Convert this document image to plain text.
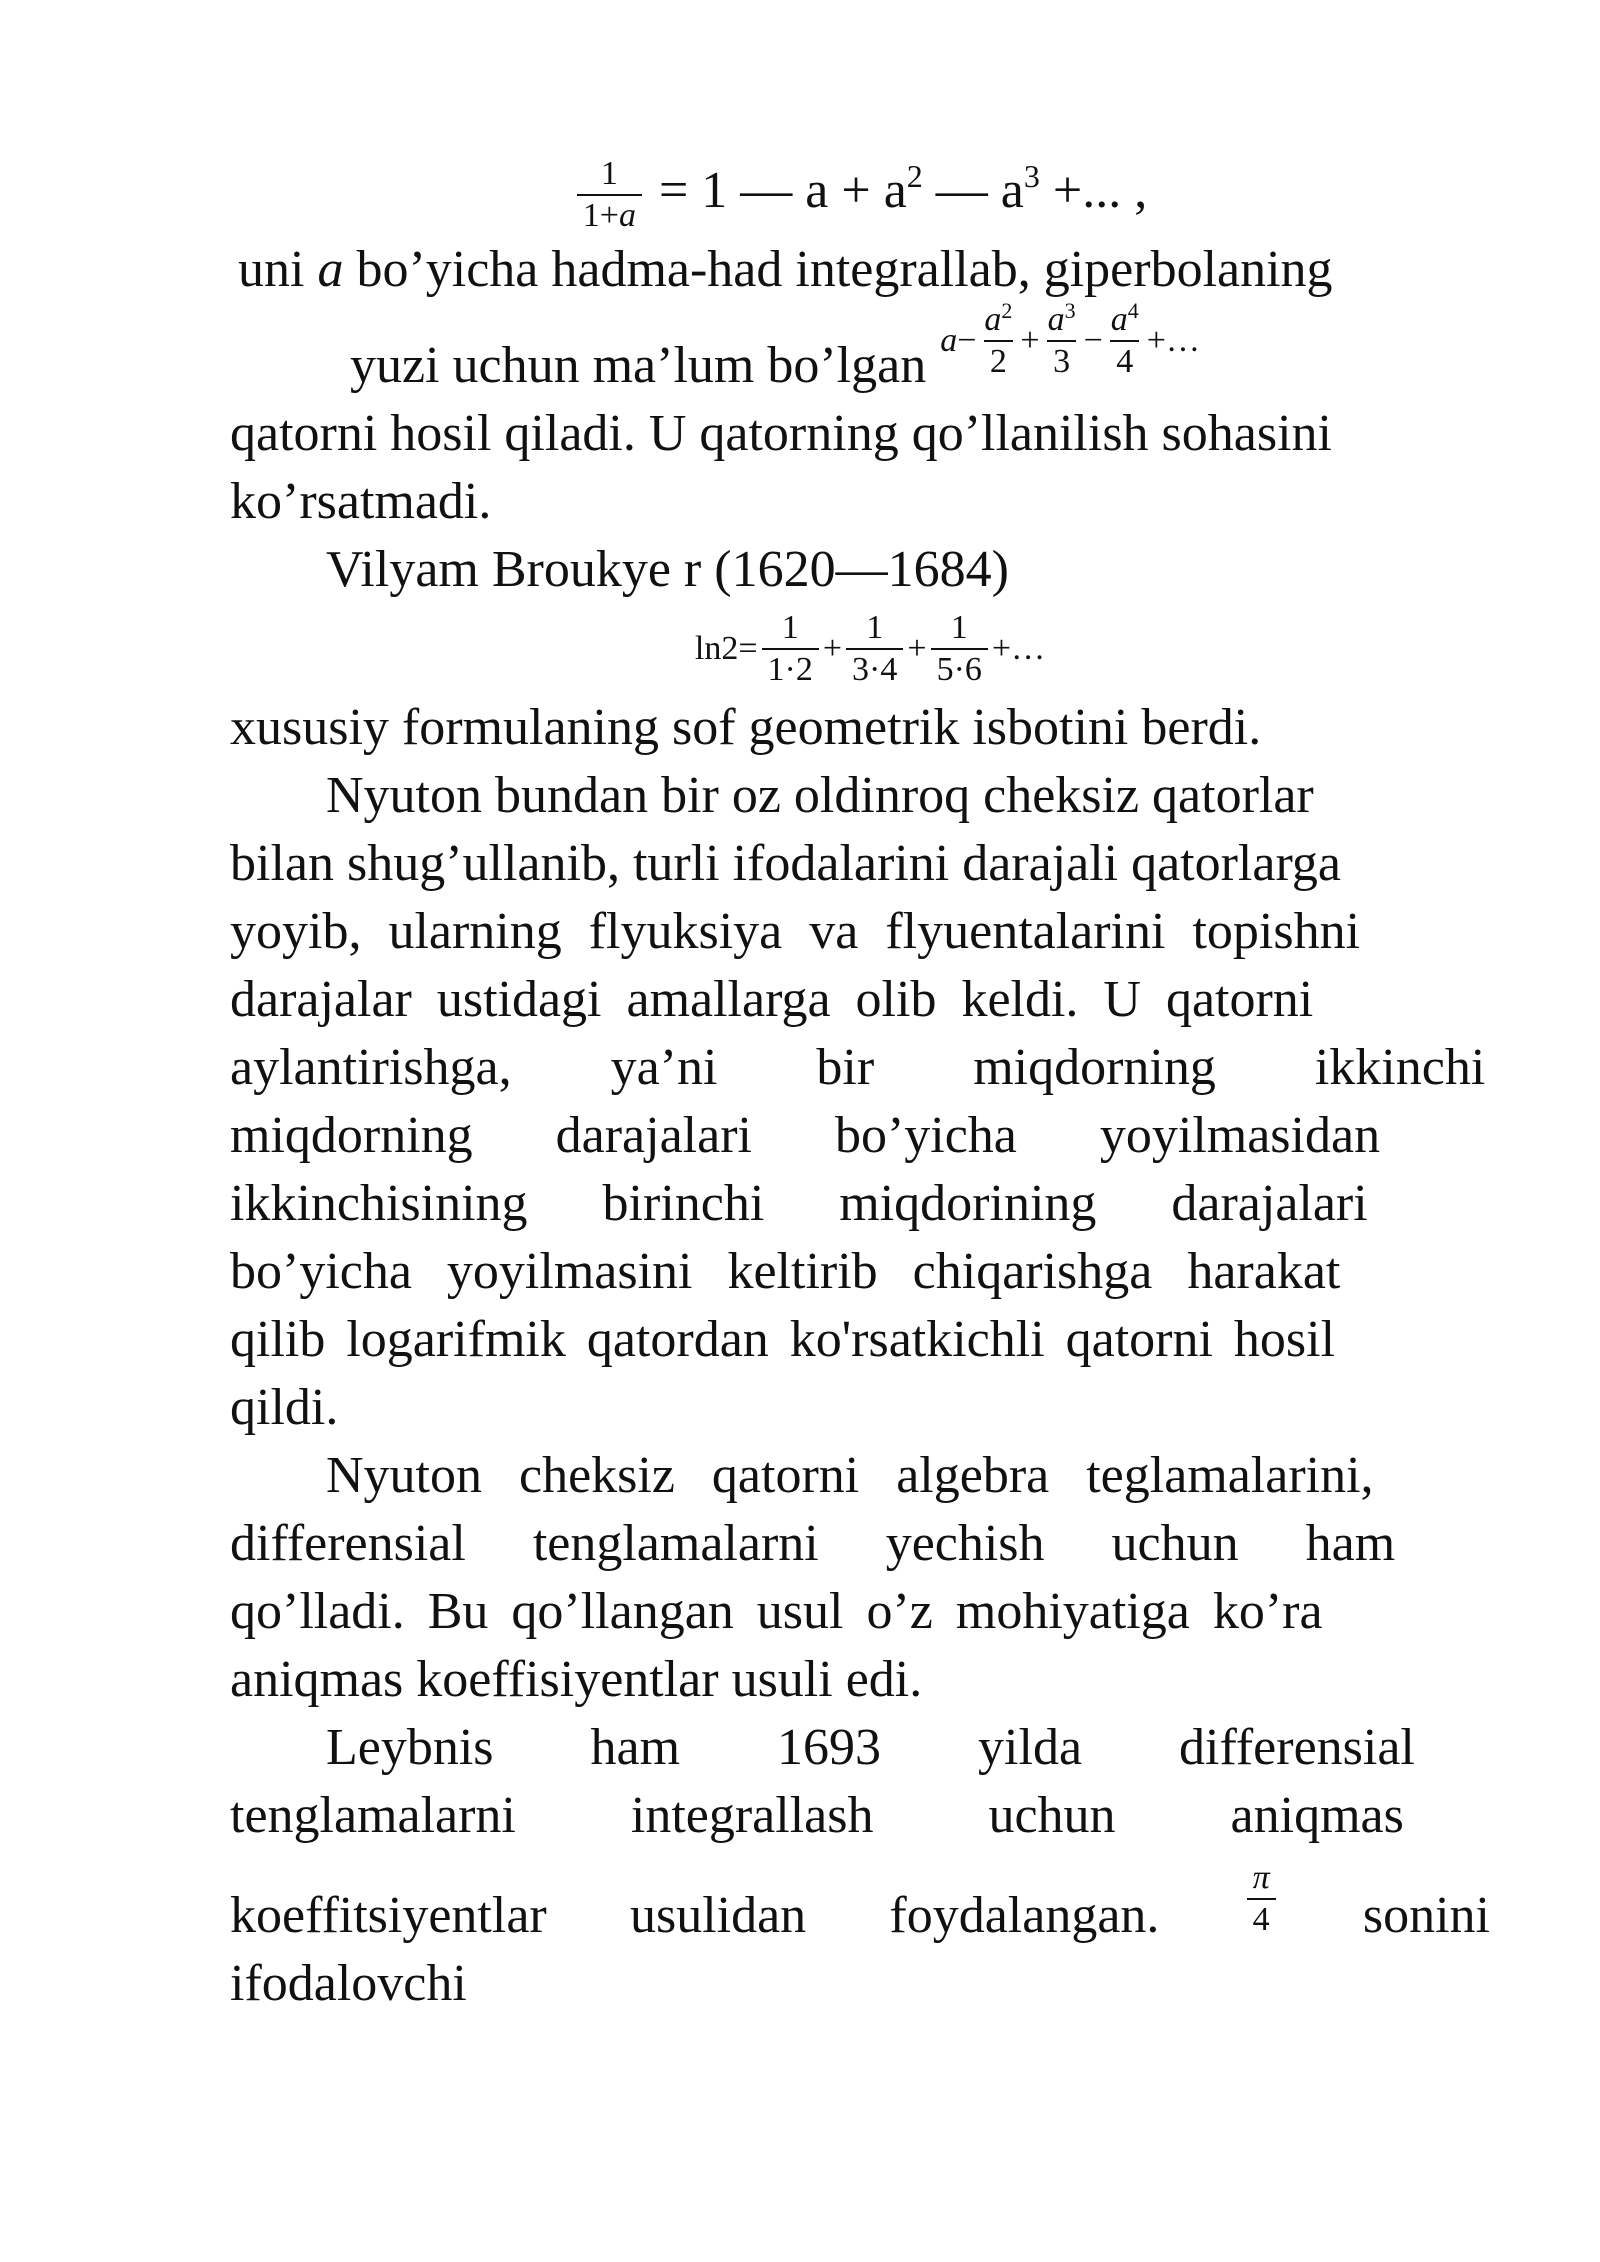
$\frac{1}{1+a} = 1$ — $a + a^2$ — $a^3$ +... ,
uni a bo’yicha hadma-had integrallab, giperbolaning
yuzi uchun ma’lum bo’lgan $a - \frac{a^2}{2} + \frac{a^3}{3} - \frac{a^4}{4}$ +…
qatorni hosil qiladi. U qatorning qo’llanilish sohasini
ko’rsatmadi.
Vilyam Broukye r (1620—1684)
$\ln 2= \frac{1}{1\cdot 2} + \frac{1}{3\cdot 4} + \frac{1}{5\cdot 6}$ +…
xususiy formulaning sof geometrik isbotini berdi.
Nyuton bundan bir oz oldinroq cheksiz qatorlar
bilan shug’ullanib, turli ifodalarini darajali qatorlarga
yoyib, ularning flyuksiya va flyuentalarini topishni
darajalar ustidagi amallarga olib keldi. U qatorni
aylantirishga, ya’ni bir miqdorning ikkinchi
miqdorning darajalari bo’yicha yoyilmasidan
ikkinchisining birinchi miqdorining darajalari
bo’yicha yoyilmasini keltirib chiqarishga harakat
qilib logarifmik qatordan ko'rsatkichli qatorni hosil
qildi.
Nyuton cheksiz qatorni algebra teglamalarini,
differensial tenglamalarni yechish uchun ham
qo’lladi. Bu qo’llangan usul o’z mohiyatiga ko’ra
aniqmas koeffisiyentlar usuli edi.
Leybnis ham 1693 yilda differensial
tenglamalarni integrallash uchun aniqmas
koeffitsiyentlar usulidan foydalangan.	$\frac{\pi}{4}$ sonini
ifodalovchi
